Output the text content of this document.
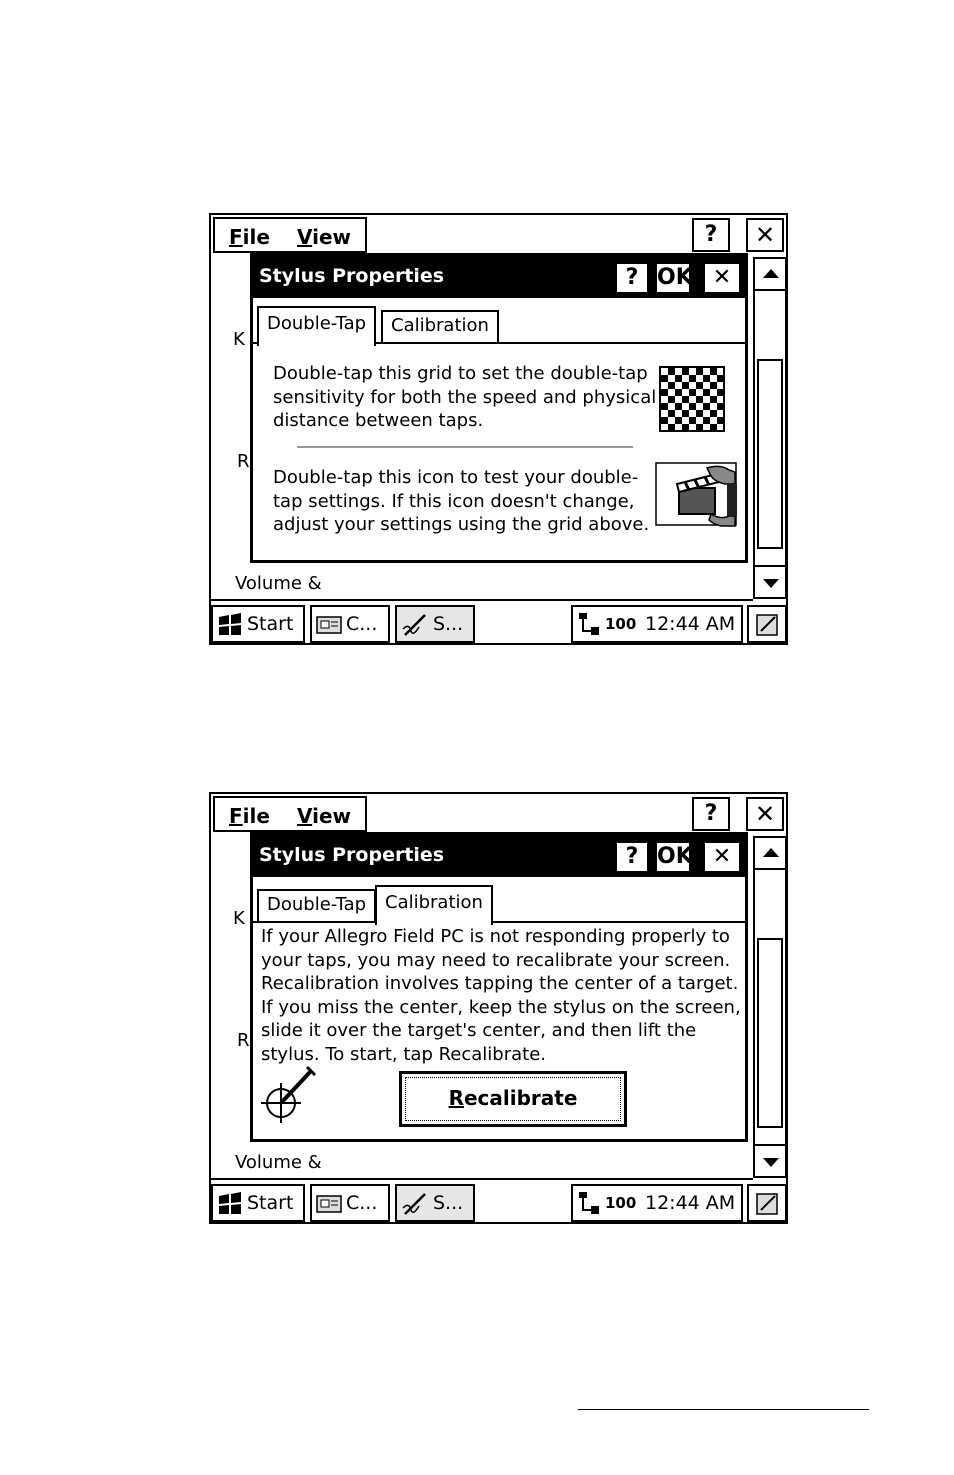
File View	?	✕
K
R
Volume &
Stylus Properties	? OK ✕
Double-Tap	Calibration
Double-tap this grid to set the double-tap
sensitivity for both the speed and physical
distance between taps.
Double-tap this icon to test your double-
tap settings. If this icon doesn't change,
adjust your settings using the grid above.
Start	C...	S...	100 12:44 AM
File View	?	✕
K
R
Volume &
Stylus Properties	? OK ✕
Double-Tap	Calibration
If your Allegro Field PC is not responding properly to
your taps, you may need to recalibrate your screen.
Recalibration involves tapping the center of a target.
If you miss the center, keep the stylus on the screen,
slide it over the target's center, and then lift the
stylus. To start, tap Recalibrate.
Recalibrate
Start	C...	S...	100 12:44 AM
